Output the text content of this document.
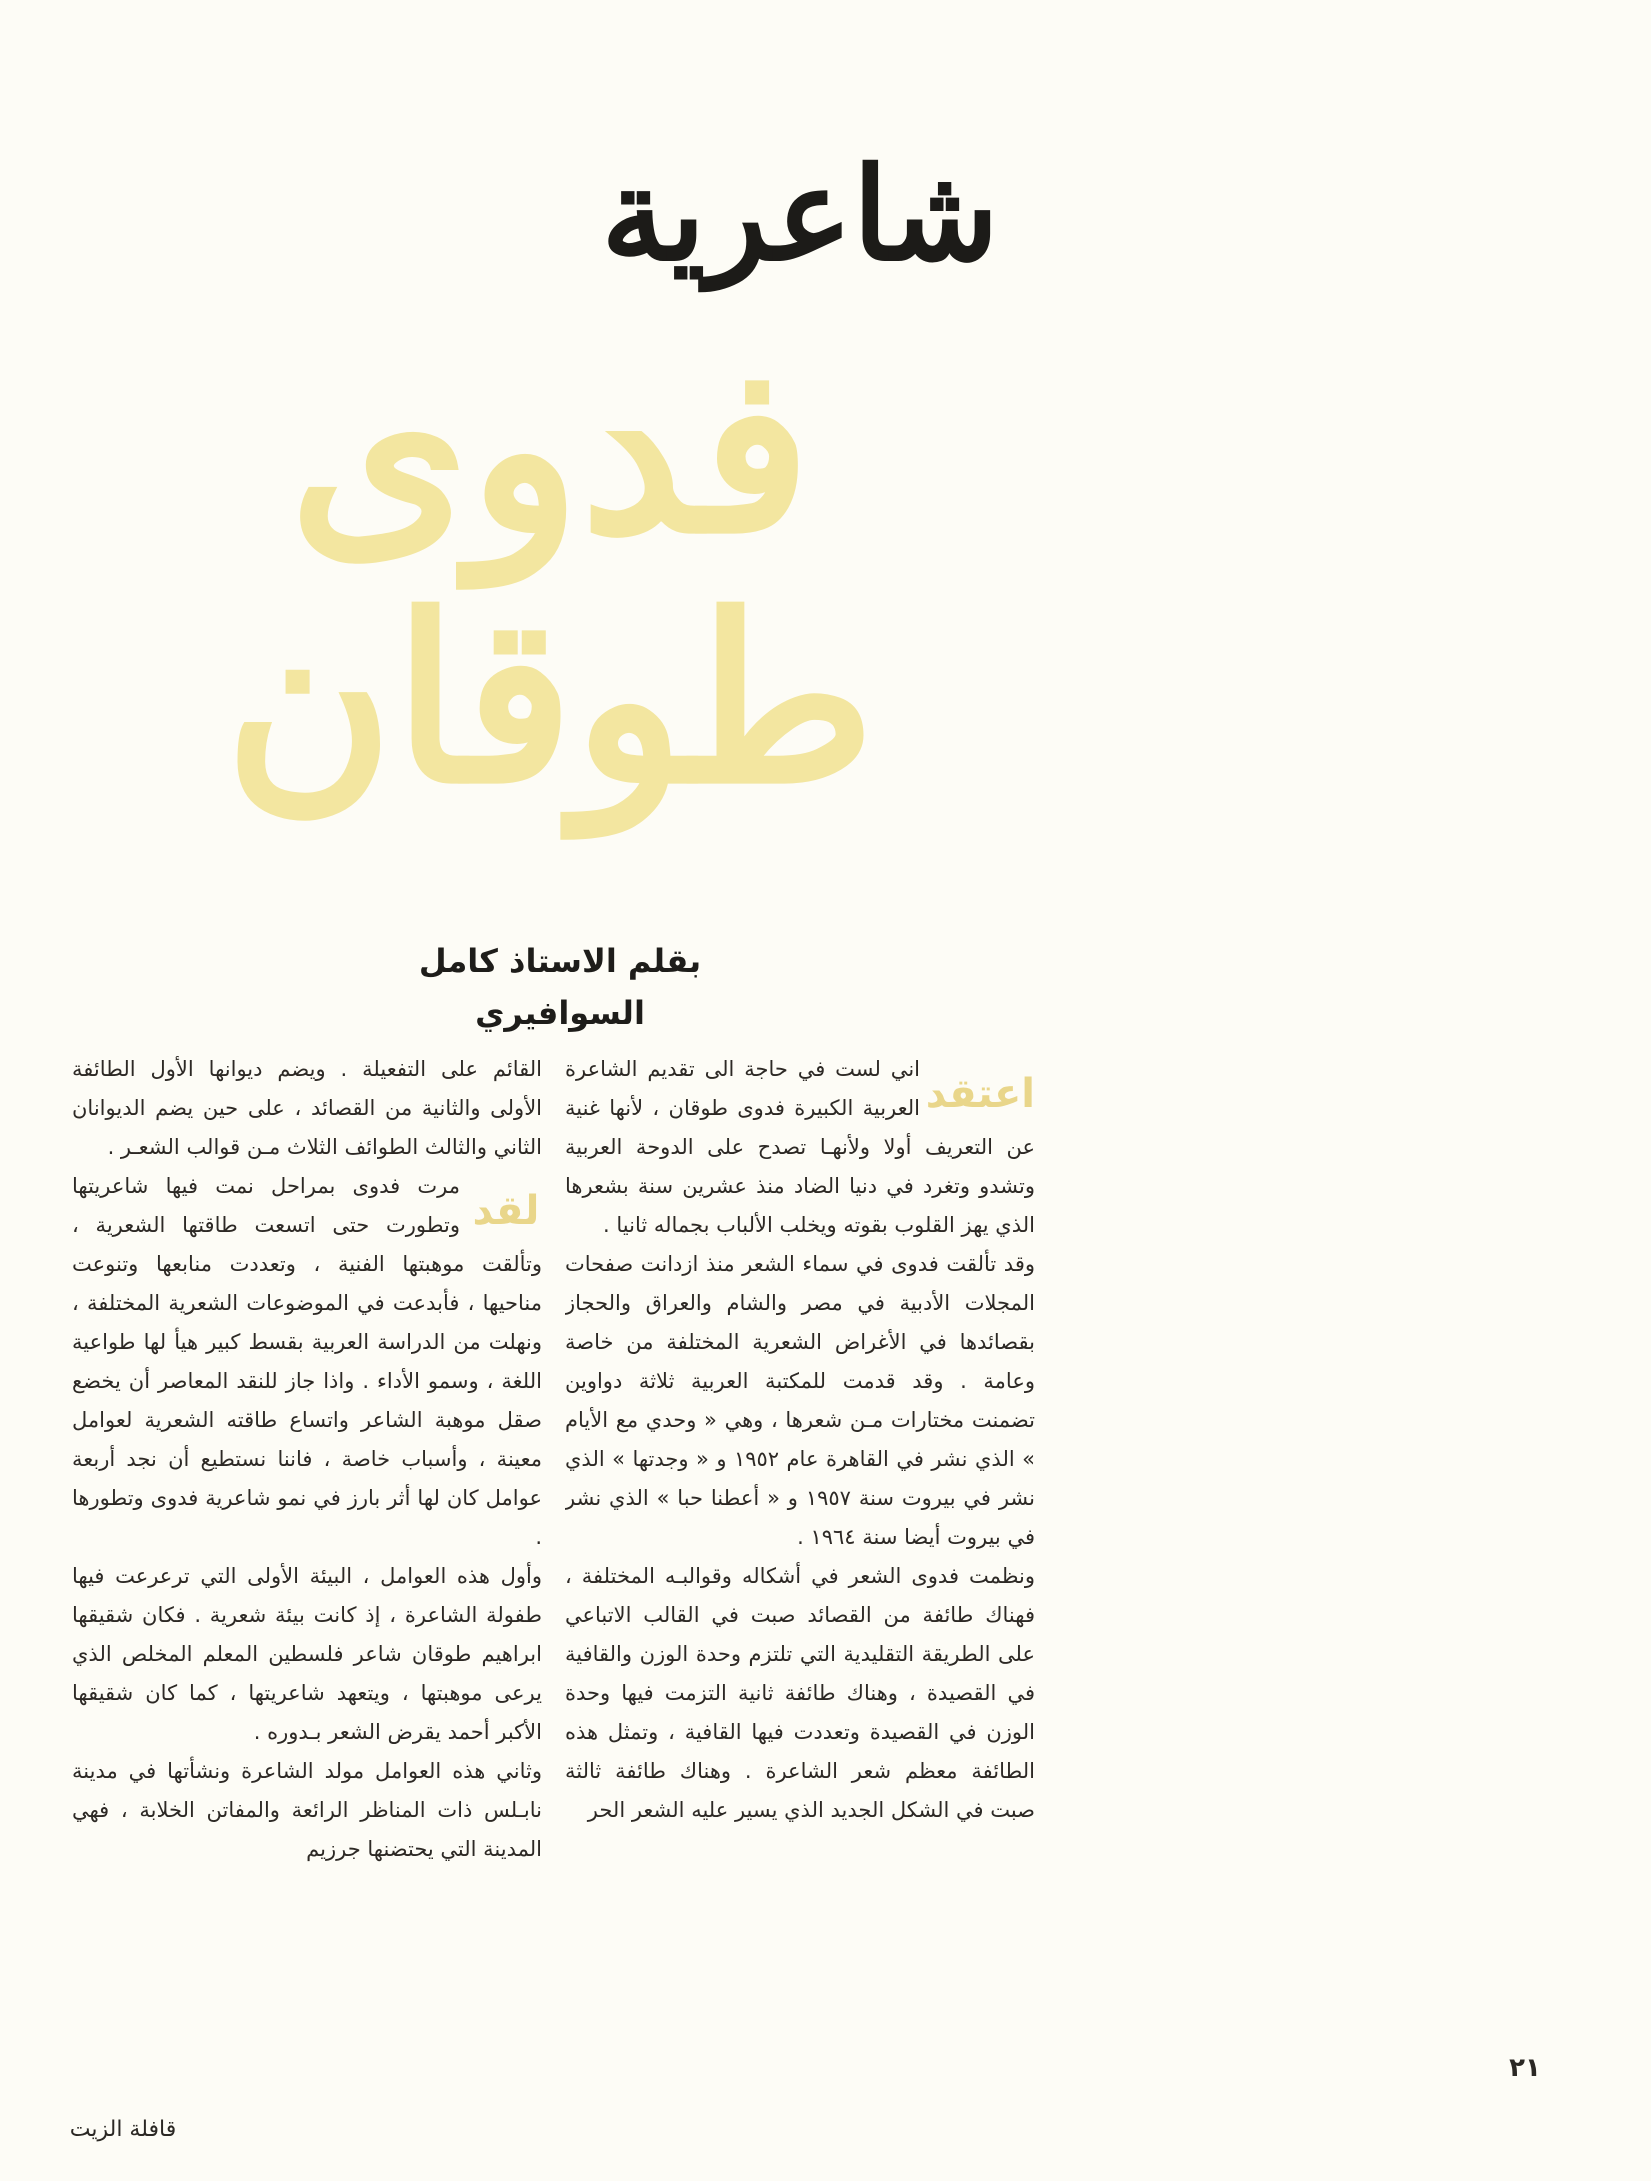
شاعرية
فدوى
طوقان
بقلم الاستاذ كامل السوافيري
اعتقد

اني لست في حاجة الى تقديم الشاعرة العربية الكبيرة فدوى طوقان ، لأنها غنية عن التعريف أولا ولأنهـا تصدح على الدوحة العربية وتشدو وتغرد في دنيا الضاد منذ عشرين سنة بشعرها الذي يهز القلوب بقوته ويخلب الألباب بجماله ثانيا .

وقد تألقت فدوى في سماء الشعر منذ ازدانت صفحات المجلات الأدبية في مصر والشام والعراق والحجاز بقصائدها في الأغراض الشعرية المختلفة من خاصة وعامة . وقد قدمت للمكتبة العربية ثلاثة دواوين تضمنت مختارات مـن شعرها ، وهي « وحدي مع الأيام » الذي نشر في القاهرة عام ١٩٥٢ و « وجدتها » الذي نشر في بيروت سنة ١٩٥٧ و « أعطنا حبا » الذي نشر في بيروت أيضا سنة ١٩٦٤ .

ونظمت فدوى الشعر في أشكاله وقوالبـه المختلفة ، فهناك طائفة من القصائد صبت في القالب الاتباعي على الطريقة التقليدية التي تلتزم وحدة الوزن والقافية في القصيدة ، وهناك طائفة ثانية التزمت فيها وحدة الوزن في القصيدة وتعددت فيها القافية ، وتمثل هذه الطائفة معظم شعر الشاعرة . وهناك طائفة ثالثة صبت في الشكل الجديد الذي يسير عليه الشعر الحر

القائم على التفعيلة . ويضم ديوانها الأول الطائفة الأولى والثانية من القصائد ، على حين يضم الديوانان الثاني والثالث الطوائف الثلاث مـن قوالب الشعـر .

لقد

مرت فدوى بمراحل نمت فيها شاعريتها وتطورت حتى اتسعت طاقتها الشعرية ، وتألقت موهبتها الفنية ، وتعددت منابعها وتنوعت مناحيها ، فأبدعت في الموضوعات الشعرية المختلفة ، ونهلت من الدراسة العربية بقسط كبير هيأ لها طواعية اللغة ، وسمو الأداء . واذا جاز للنقد المعاصر أن يخضع صقل موهبة الشاعر واتساع طاقته الشعرية لعوامل معينة ، وأسباب خاصة ، فاننا نستطيع أن نجد أربعة عوامل كان لها أثر بارز في نمو شاعرية فدوى وتطورها .

وأول هذه العوامل ، البيئة الأولى التي ترعرعت فيها طفولة الشاعرة ، إذ كانت بيئة شعرية . فكان شقيقها ابراهيم طوقان شاعر فلسطين المعلم المخلص الذي يرعى موهبتها ، ويتعهد شاعريتها ، كما كان شقيقها الأكبر أحمد يقرض الشعر بـدوره .

وثاني هذه العوامل مولد الشاعرة ونشأتها في مدينة نابـلس ذات المناظر الرائعة والمفاتن الخلابة ، فهي المدينة التي يحتضنها جرزيم

٢١
قافلة الزيت
